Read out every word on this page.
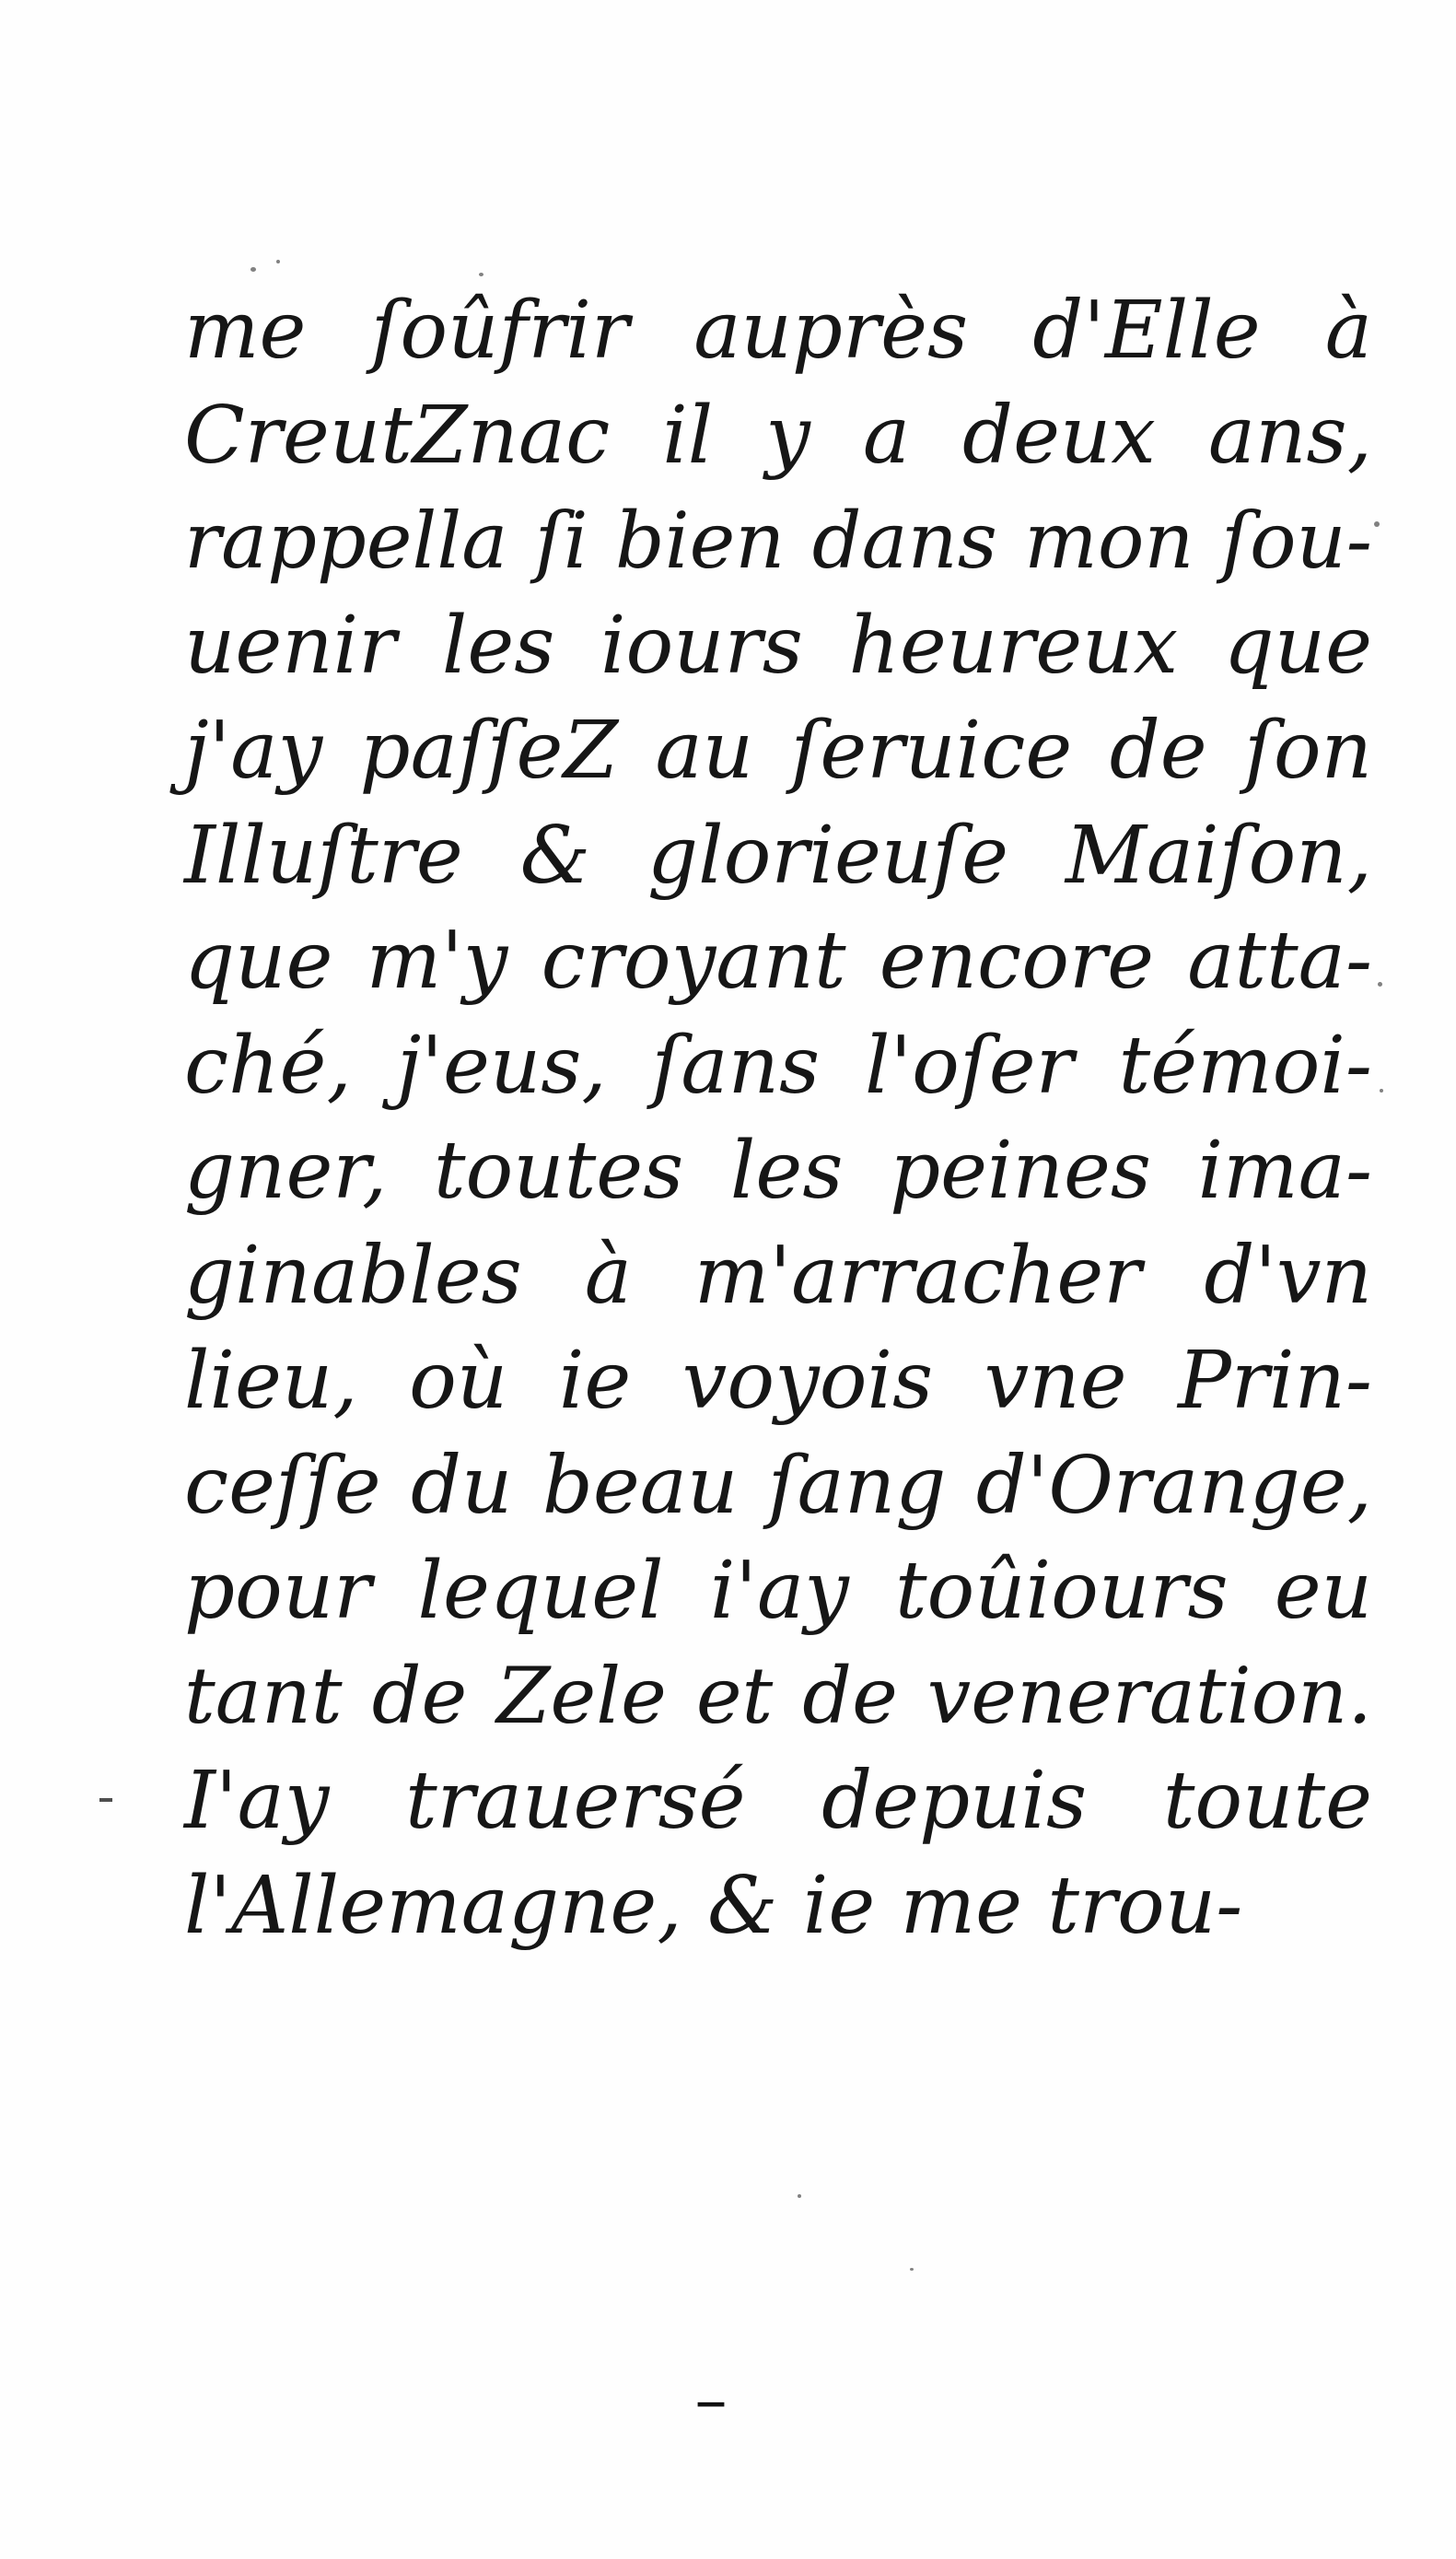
me ſoûfrir auprès d'Elle à
CreutZnac il y a deux ans,
rappella ſi bien dans mon ſou-
uenir les iours heureux que
j'ay paſſeZ au ſeruice de ſon
Illuſtre & glorieuſe Maiſon,
que m'y croyant encore atta-
ché, j'eus, ſans l'oſer témoi-
gner, toutes les peines ima-
ginables à m'arracher d'vn
lieu, où ie voyois vne Prin-
ceſſe du beau ſang d'Orange,
pour lequel i'ay toûiours eu
tant de Zele et de veneration.
I'ay trauersé depuis toute
l'Allemagne, & ie me trou-
–
